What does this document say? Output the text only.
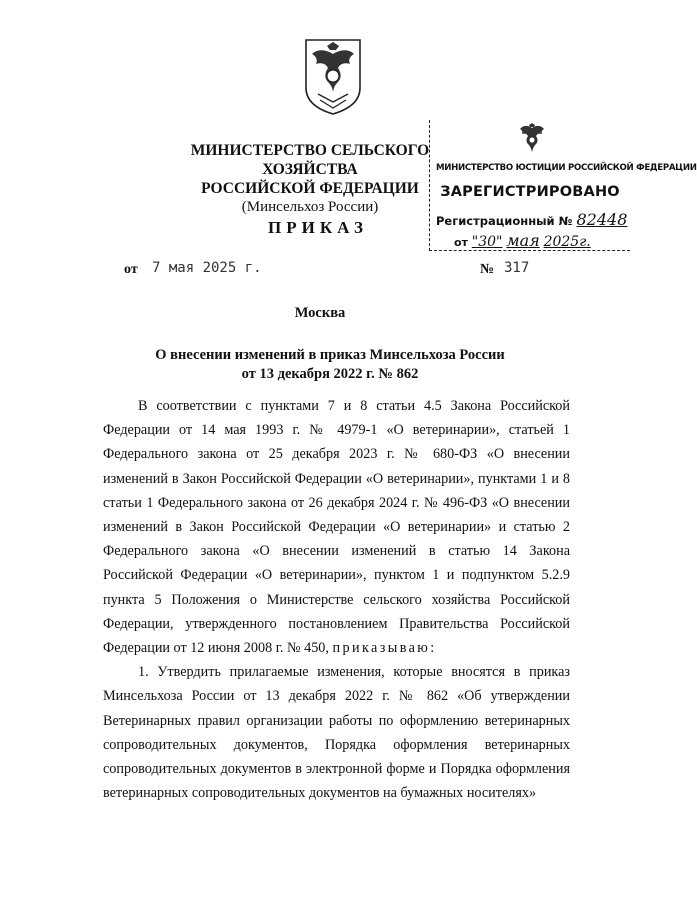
МИНИСТЕРСТВО СЕЛЬСКОГО ХОЗЯЙСТВА
РОССИЙСКОЙ ФЕДЕРАЦИИ
(Минсельхоз России)
МИНИСТЕРСТВО ЮСТИЦИИ РОССИЙСКОЙ ФЕДЕРАЦИИ
ЗАРЕГИСТРИРОВАНО
Регистрационный № 82448
от "30" мая 2025г.
ПРИКАЗ
от 7 мая 2025 г.	№ 317
Москва
О внесении изменений в приказ Минсельхоза России
от 13 декабря 2022 г. № 862

В соответствии с пунктами 7 и 8 статьи 4.5 Закона Российской Федерации от 14 мая 1993 г. № 4979-1 «О ветеринарии», статьей 1 Федерального закона от 25 декабря 2023 г. № 680-ФЗ «О внесении изменений в Закон Российской Федерации «О ветеринарии», пунктами 1 и 8 статьи 1 Федерального закона от 26 декабря 2024 г. № 496-ФЗ «О внесении изменений в Закон Российской Федерации «О ветеринарии» и статью 2 Федерального закона «О внесении изменений в статью 14 Закона Российской Федерации «О ветеринарии», пунктом 1 и подпунктом 5.2.9 пункта 5 Положения о Министерстве сельского хозяйства Российской Федерации, утвержденного постановлением Правительства Российской Федерации от 12 июня 2008 г. № 450, приказываю:

1. Утвердить прилагаемые изменения, которые вносятся в приказ Минсельхоза России от 13 декабря 2022 г. № 862 «Об утверждении Ветеринарных правил организации работы по оформлению ветеринарных сопроводительных документов, Порядка оформления ветеринарных сопроводительных документов в электронной форме и Порядка оформления ветеринарных сопроводительных документов на бумажных носителях»
